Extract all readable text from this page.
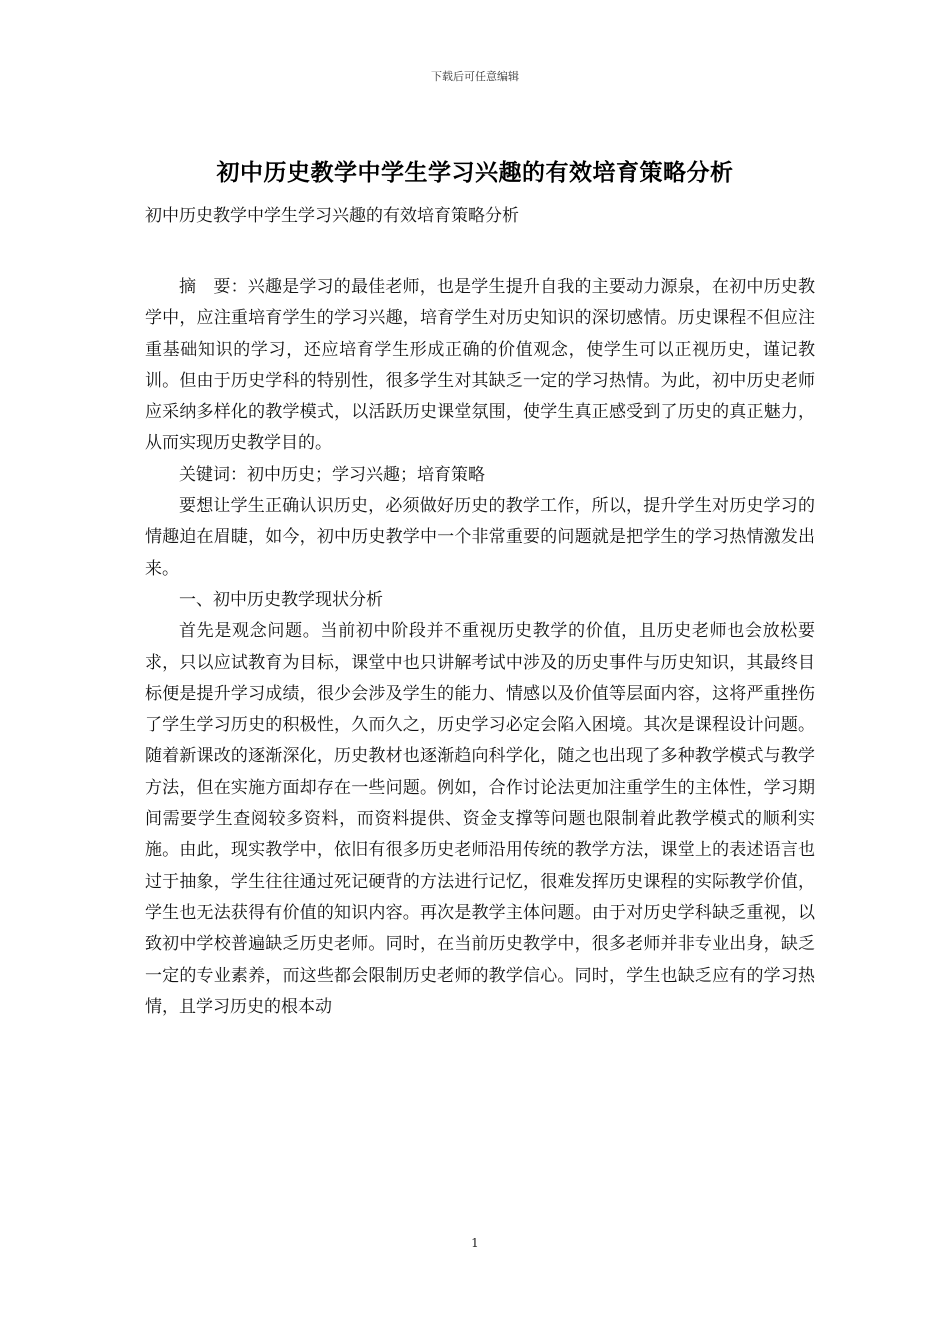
下载后可任意编辑
初中历史教学中学生学习兴趣的有效培育策略分析
初中历史教学中学生学习兴趣的有效培育策略分析

摘　要：兴趣是学习的最佳老师，也是学生提升自我的主要动力源泉，在初中历史教学中，应注重培育学生的学习兴趣，培育学生对历史知识的深切感情。历史课程不但应注重基础知识的学习，还应培育学生形成正确的价值观念，使学生可以正视历史，谨记教训。但由于历史学科的特别性，很多学生对其缺乏一定的学习热情。为此，初中历史老师应采纳多样化的教学模式，以活跃历史课堂氛围，使学生真正感受到了历史的真正魅力，从而实现历史教学目的。

关键词：初中历史；学习兴趣；培育策略

要想让学生正确认识历史，必须做好历史的教学工作，所以，提升学生对历史学习的情趣迫在眉睫，如今，初中历史教学中一个非常重要的问题就是把学生的学习热情激发出来。

一、初中历史教学现状分析

首先是观念问题。当前初中阶段并不重视历史教学的价值，且历史老师也会放松要求，只以应试教育为目标，课堂中也只讲解考试中涉及的历史事件与历史知识，其最终目标便是提升学习成绩，很少会涉及学生的能力、情感以及价值等层面内容，这将严重挫伤了学生学习历史的积极性，久而久之，历史学习必定会陷入困境。其次是课程设计问题。随着新课改的逐渐深化，历史教材也逐渐趋向科学化，随之也出现了多种教学模式与教学方法，但在实施方面却存在一些问题。例如，合作讨论法更加注重学生的主体性，学习期间需要学生查阅较多资料，而资料提供、资金支撑等问题也限制着此教学模式的顺利实施。由此，现实教学中，依旧有很多历史老师沿用传统的教学方法，课堂上的表述语言也过于抽象，学生往往通过死记硬背的方法进行记忆，很难发挥历史课程的实际教学价值，学生也无法获得有价值的知识内容。再次是教学主体问题。由于对历史学科缺乏重视，以致初中学校普遍缺乏历史老师。同时，在当前历史教学中，很多老师并非专业出身，缺乏一定的专业素养，而这些都会限制历史老师的教学信心。同时，学生也缺乏应有的学习热情，且学习历史的根本动

1
